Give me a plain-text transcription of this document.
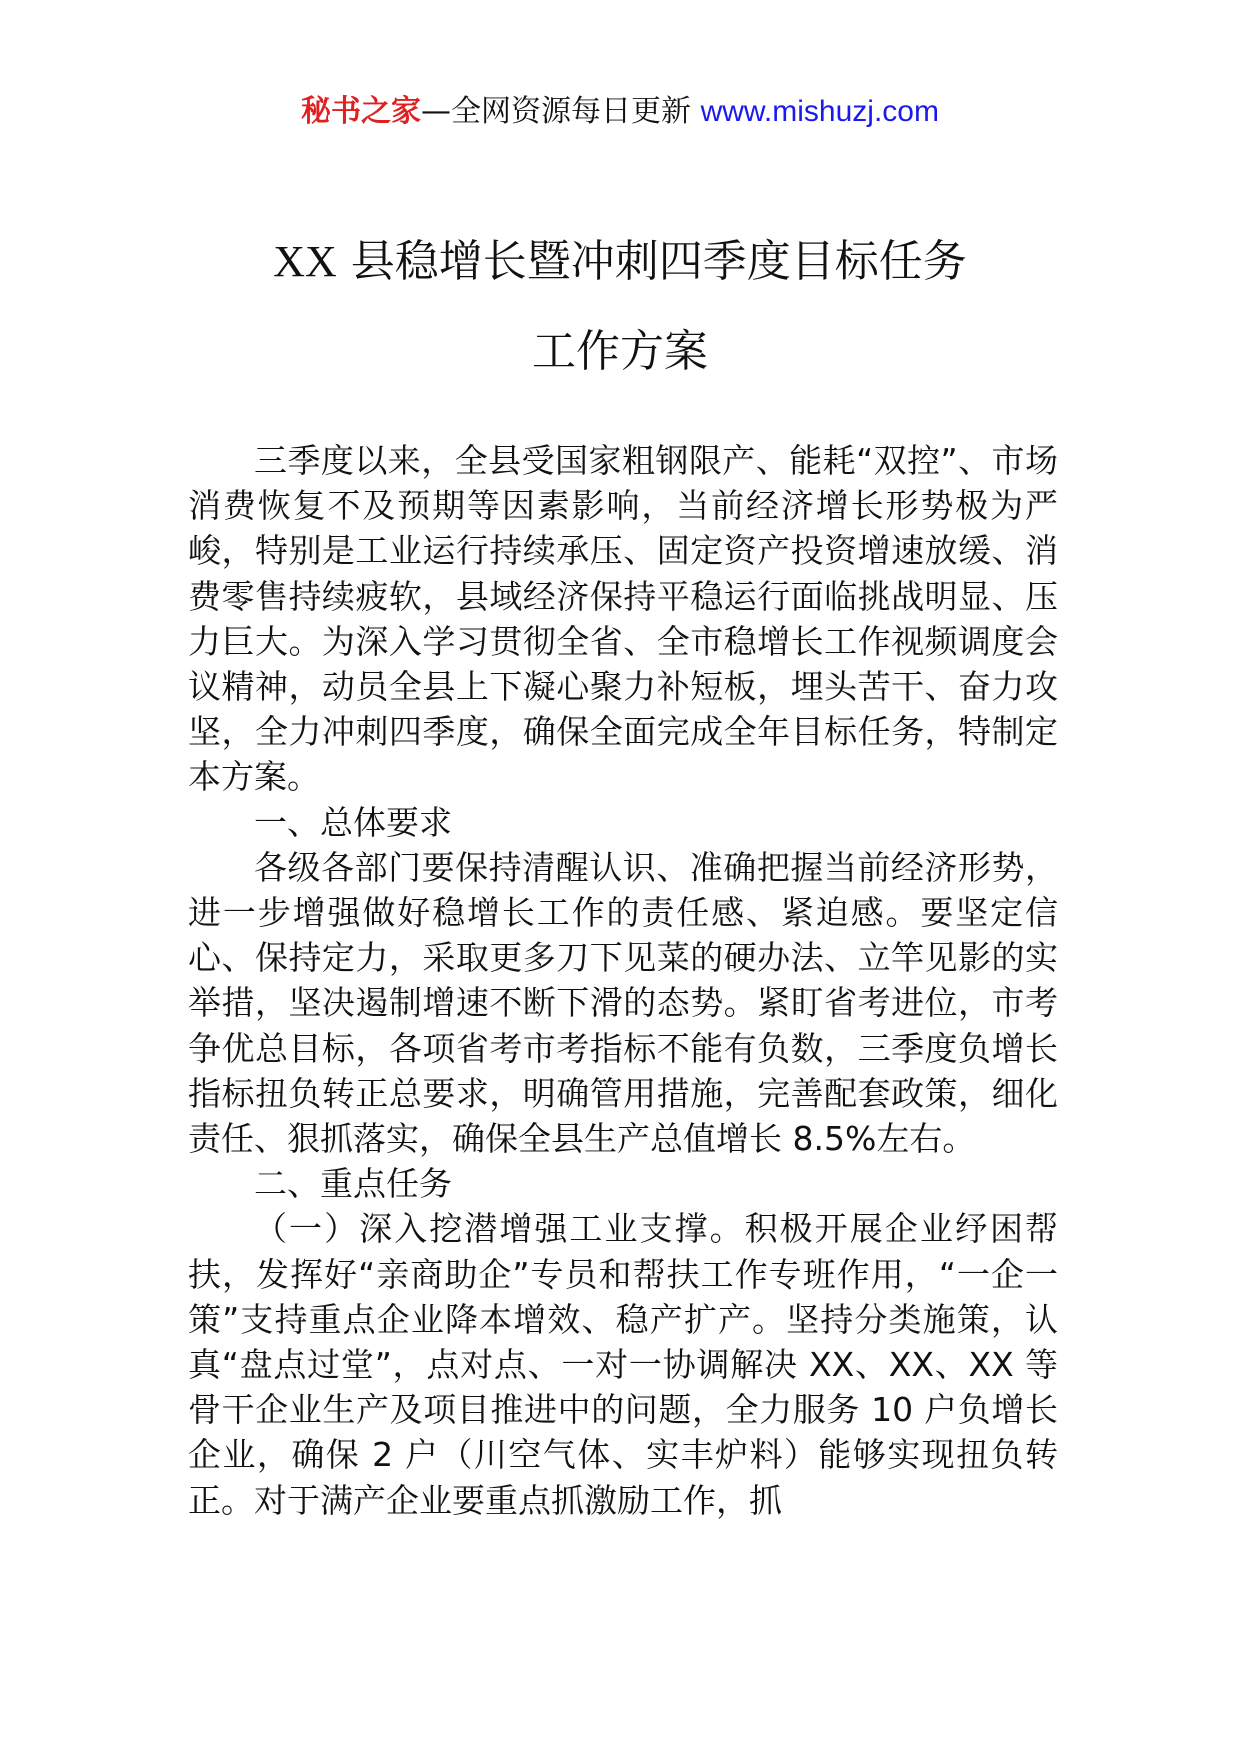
秘书之家—全网资源每日更新 www.mishuzj.com
XX 县稳增长暨冲刺四季度目标任务
工作方案

三季度以来，全县受国家粗钢限产、能耗“双控”、市场消费恢复不及预期等因素影响，当前经济增长形势极为严峻，特别是工业运行持续承压、固定资产投资增速放缓、消费零售持续疲软，县域经济保持平稳运行面临挑战明显、压力巨大。为深入学习贯彻全省、全市稳增长工作视频调度会议精神，动员全县上下凝心聚力补短板，埋头苦干、奋力攻坚，全力冲刺四季度，确保全面完成全年目标任务，特制定本方案。

一、总体要求

各级各部门要保持清醒认识、准确把握当前经济形势，进一步增强做好稳增长工作的责任感、紧迫感。要坚定信心、保持定力，采取更多刀下见菜的硬办法、立竿见影的实举措，坚决遏制增速不断下滑的态势。紧盯省考进位，市考争优总目标，各项省考市考指标不能有负数，三季度负增长指标扭负转正总要求，明确管用措施，完善配套政策，细化责任、狠抓落实，确保全县生产总值增长 8.5%左右。

二、重点任务

（一）深入挖潜增强工业支撑。积极开展企业纾困帮扶，发挥好“亲商助企”专员和帮扶工作专班作用，“一企一策”支持重点企业降本增效、稳产扩产。坚持分类施策，认真“盘点过堂”，点对点、一对一协调解决 XX、XX、XX 等骨干企业生产及项目推进中的问题，全力服务 10 户负增长企业，确保 2 户（川空气体、实丰炉料）能够实现扭负转正。对于满产企业要重点抓激励工作，抓
